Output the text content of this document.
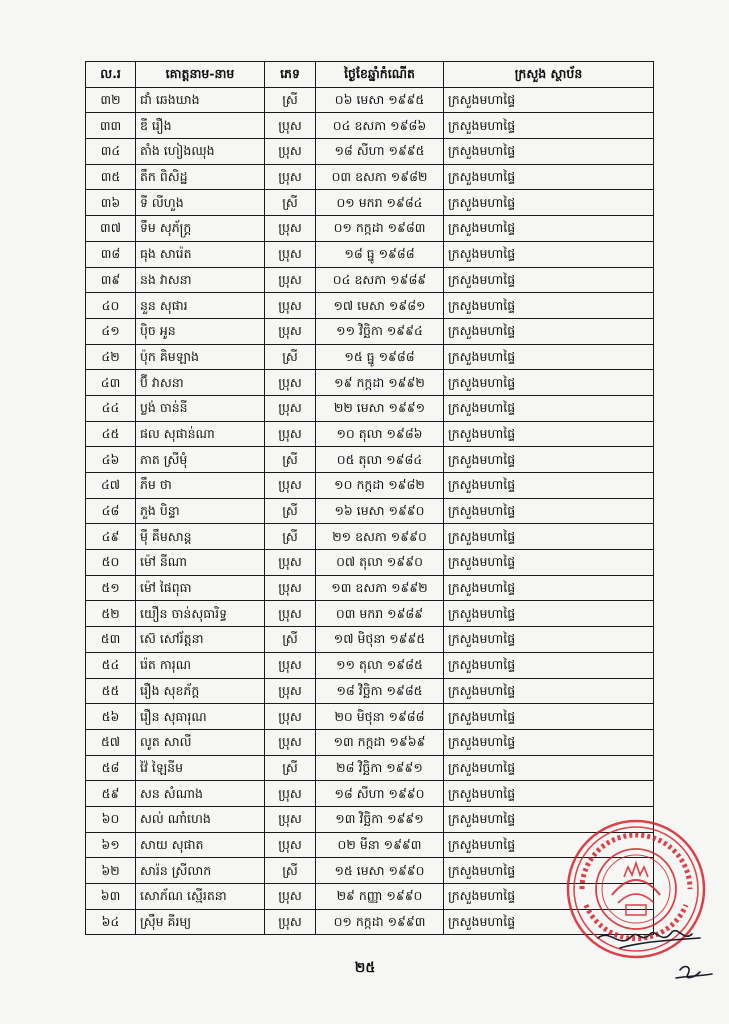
ល.រ	គោត្តនាម-នាម	ភេទ	ថ្ងៃខែឆ្នាំកំណើត	ក្រសួង ស្ថាប័ន
៣២	ជាំ ឆេងឃាង	ស្រី	០៦ មេសា ១៩៩៥	ក្រសួងមហាផ្ទៃ
៣៣	ឌី រឿង	ប្រុស	០៤ ឧសភា ១៩៨៦	ក្រសួងមហាផ្ទៃ
៣៤	តាំង ហៀងឈុង	ប្រុស	១៨ សីហា ១៩៩៥	ក្រសួងមហាផ្ទៃ
៣៥	តឹក ពិសិដ្ឋ	ប្រុស	០៣ ឧសភា ១៩៨២	ក្រសួងមហាផ្ទៃ
៣៦	ទី លីហួង	ស្រី	០១ មករា ១៩៨៤	ក្រសួងមហាផ្ទៃ
៣៧	ទឹម សុភ័ក្ត្រ	ប្រុស	០១ កក្កដា ១៩៨៣	ក្រសួងមហាផ្ទៃ
៣៨	ធុង សារ៉េត	ប្រុស	១៨ ធ្នូ ១៩៨៨	ក្រសួងមហាផ្ទៃ
៣៩	នង វាសនា	ប្រុស	០៤ ឧសភា ១៩៨៩	ក្រសួងមហាផ្ទៃ
៤០	នួន សុផារ	ប្រុស	១៧ មេសា ១៩៨១	ក្រសួងមហាផ្ទៃ
៤១	ប៉ិច អូន	ប្រុស	១១ វិច្ឆិកា ១៩៩៤	ក្រសួងមហាផ្ទៃ
៤២	ប៉ុក គិមឡាង	ស្រី	១៥ ធ្នូ ១៩៨៨	ក្រសួងមហាផ្ទៃ
៤៣	ប៊ី វាសនា	ប្រុស	១៩ កក្កដា ១៩៩២	ក្រសួងមហាផ្ទៃ
៤៤	ប្លង់ ចាន់នី	ប្រុស	២២ មេសា ១៩៩១	ក្រសួងមហាផ្ទៃ
៤៥	ផល សុផាន់ណា	ប្រុស	១០ តុលា ១៩៨៦	ក្រសួងមហាផ្ទៃ
៤៦	ភាត ស្រីមុំ	ស្រី	០៥ តុលា ១៩៨៤	ក្រសួងមហាផ្ទៃ
៤៧	ភឹម ថា	ប្រុស	១០ កក្កដា ១៩៨២	ក្រសួងមហាផ្ទៃ
៤៨	ភួង បិន្ទា	ស្រី	១៦ មេសា ១៩៩០	ក្រសួងមហាផ្ទៃ
៤៩	ម៉ី គឹមសាន្ត	ស្រី	២១ ឧសភា ១៩៩០	ក្រសួងមហាផ្ទៃ
៥០	ម៉ៅ នីណា	ប្រុស	០៧ តុលា ១៩៩០	ក្រសួងមហាផ្ទៃ
៥១	ម៉ៅ ផៃពុធា	ប្រុស	១៣ ឧសភា ១៩៩២	ក្រសួងមហាផ្ទៃ
៥២	យឿន ចាន់សុធារិទ្ធ	ប្រុស	០៣ មករា ១៩៨៩	ក្រសួងមហាផ្ទៃ
៥៣	ស៊េ សៅរ័ត្តនា	ស្រី	១៧ មិថុនា ១៩៩៥	ក្រសួងមហាផ្ទៃ
៥៤	រ៉េត ការុណ	ប្រុស	១១ តុលា ១៩៨៥	ក្រសួងមហាផ្ទៃ
៥៥	រឿង សុខភ័ក្ត	ប្រុស	១៨ វិច្ឆិកា ១៩៨៥	ក្រសួងមហាផ្ទៃ
៥៦	រឿន សុធារុណ	ប្រុស	២០ មិថុនា ១៩៨៨	ក្រសួងមហាផ្ទៃ
៥៧	លូត សាលី	ប្រុស	១៣ កក្កដា ១៩៦៩	ក្រសួងមហាផ្ទៃ
៥៨	វ៉ៃ ឡៃនីម	ស្រី	២៨ វិច្ឆិកា ១៩៩១	ក្រសួងមហាផ្ទៃ
៥៩	សន សំណាង	ប្រុស	១៨ សីហា ១៩៩០	ក្រសួងមហាផ្ទៃ
៦០	សល់ ណាំហេង	ប្រុស	១៣ វិច្ឆិកា ១៩៩១	ក្រសួងមហាផ្ទៃ
៦១	សាយ សុផាត	ប្រុស	០២ មីនា ១៩៩៣	ក្រសួងមហាផ្ទៃ
៦២	សារ៉ន ស្រីលាក	ស្រី	១៥ មេសា ១៩៩០	ក្រសួងមហាផ្ទៃ
៦៣	សោភ័ណ ស្មើរតនា	ប្រុស	២៩ កញ្ញា ១៩៩០	ក្រសួងមហាផ្ទៃ
៦៤	ស្រ៊ឹម គីរម្យ	ប្រុស	០១ កក្កដា ១៩៩៣	ក្រសួងមហាផ្ទៃ
២៥
